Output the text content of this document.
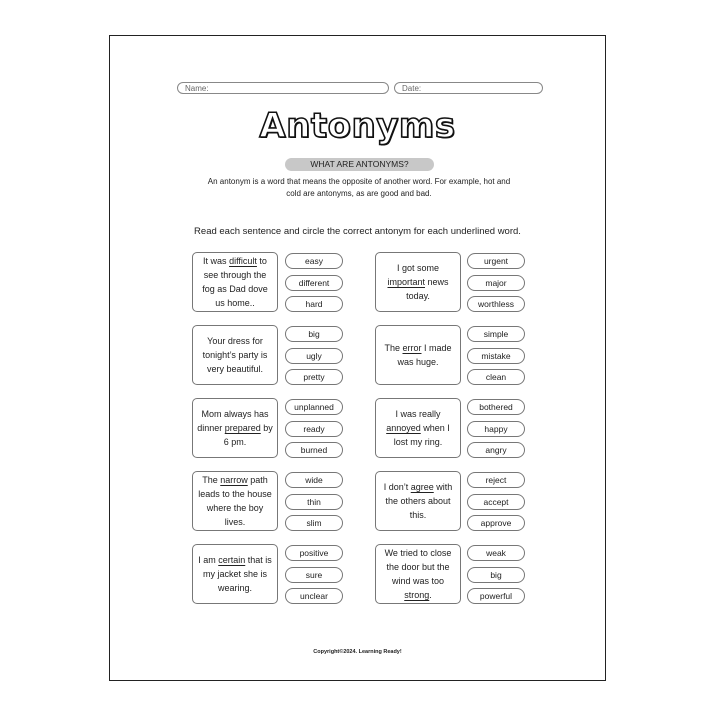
Name:	Date:
Antonyms
WHAT ARE ANTONYMS?
An antonym is a word that means the opposite of another word. For example, hot and cold are antonyms, as are good and bad.
Read each sentence and circle the correct antonym for each underlined word.
It was difficult to see through the fog as Dad dove us home..
easy
different
hard
I got some important news today.
urgent
major
worthless
Your dress for tonight’s party is very beautiful.
big
ugly
pretty
The error I made was huge.
simple
mistake
clean
Mom always has dinner prepared by 6 pm.
unplanned
ready
burned
I was really annoyed when I lost my ring.
bothered
happy
angry
The narrow path leads to the house where the boy lives.
wide
thin
slim
I don’t agree with the others about this.
reject
accept
approve
I am certain that is my jacket she is wearing.
positive
sure
unclear
We tried to close the door but the wind was too strong.
weak
big
powerful
Copyright©2024. Learning Ready!
